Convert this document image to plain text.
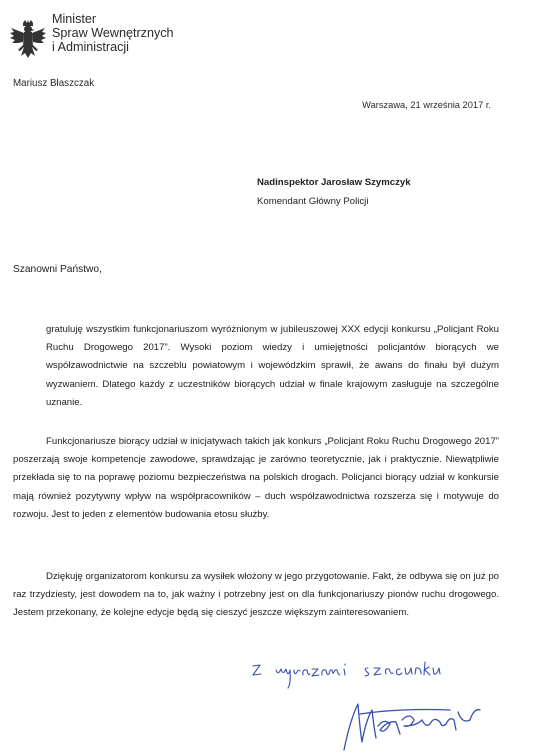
Minister
Spraw Wewnętrznych
i Administracji
Mariusz Błaszczak
Warszawa, 21 września 2017 r.
Nadinspektor Jarosław Szymczyk
Komendant Główny Policji
Szanowni Państwo,

gratuluję wszystkim funkcjonariuszom wyróżnionym w jubileuszowej XXX edycji konkursu „Policjant Roku Ruchu Drogowego 2017”. Wysoki poziom wiedzy i umiejętności policjantów biorących we współzawodnictwie na szczeblu powiatowym i wojewódzkim sprawił, że awans do finału był dużym wyzwaniem. Dlatego każdy z uczestników biorących udział w finale krajowym zasługuje na szczególne uznanie.

Funkcjonariusze biorący udział w inicjatywach takich jak konkurs „Policjant Roku Ruchu Drogowego 2017” poszerzają swoje kompetencje zawodowe, sprawdzając je zarówno teoretycznie, jak i praktycznie. Niewątpliwie przekłada się to na poprawę poziomu bezpieczeństwa na polskich drogach. Policjanci biorący udział w konkursie mają również pozytywny wpływ na współpracowników – duch współzawodnictwa rozszerza się i motywuje do rozwoju. Jest to jeden z elementów budowania etosu służby.

Dziękuję organizatorom konkursu za wysiłek włożony w jego przygotowanie. Fakt, że odbywa się on już po raz trzydziesty, jest dowodem na to, jak ważny i potrzebny jest on dla funkcjonariuszy pionów ruchu drogowego. Jestem przekonany, że kolejne edycje będą się cieszyć jeszcze większym zainteresowaniem.
